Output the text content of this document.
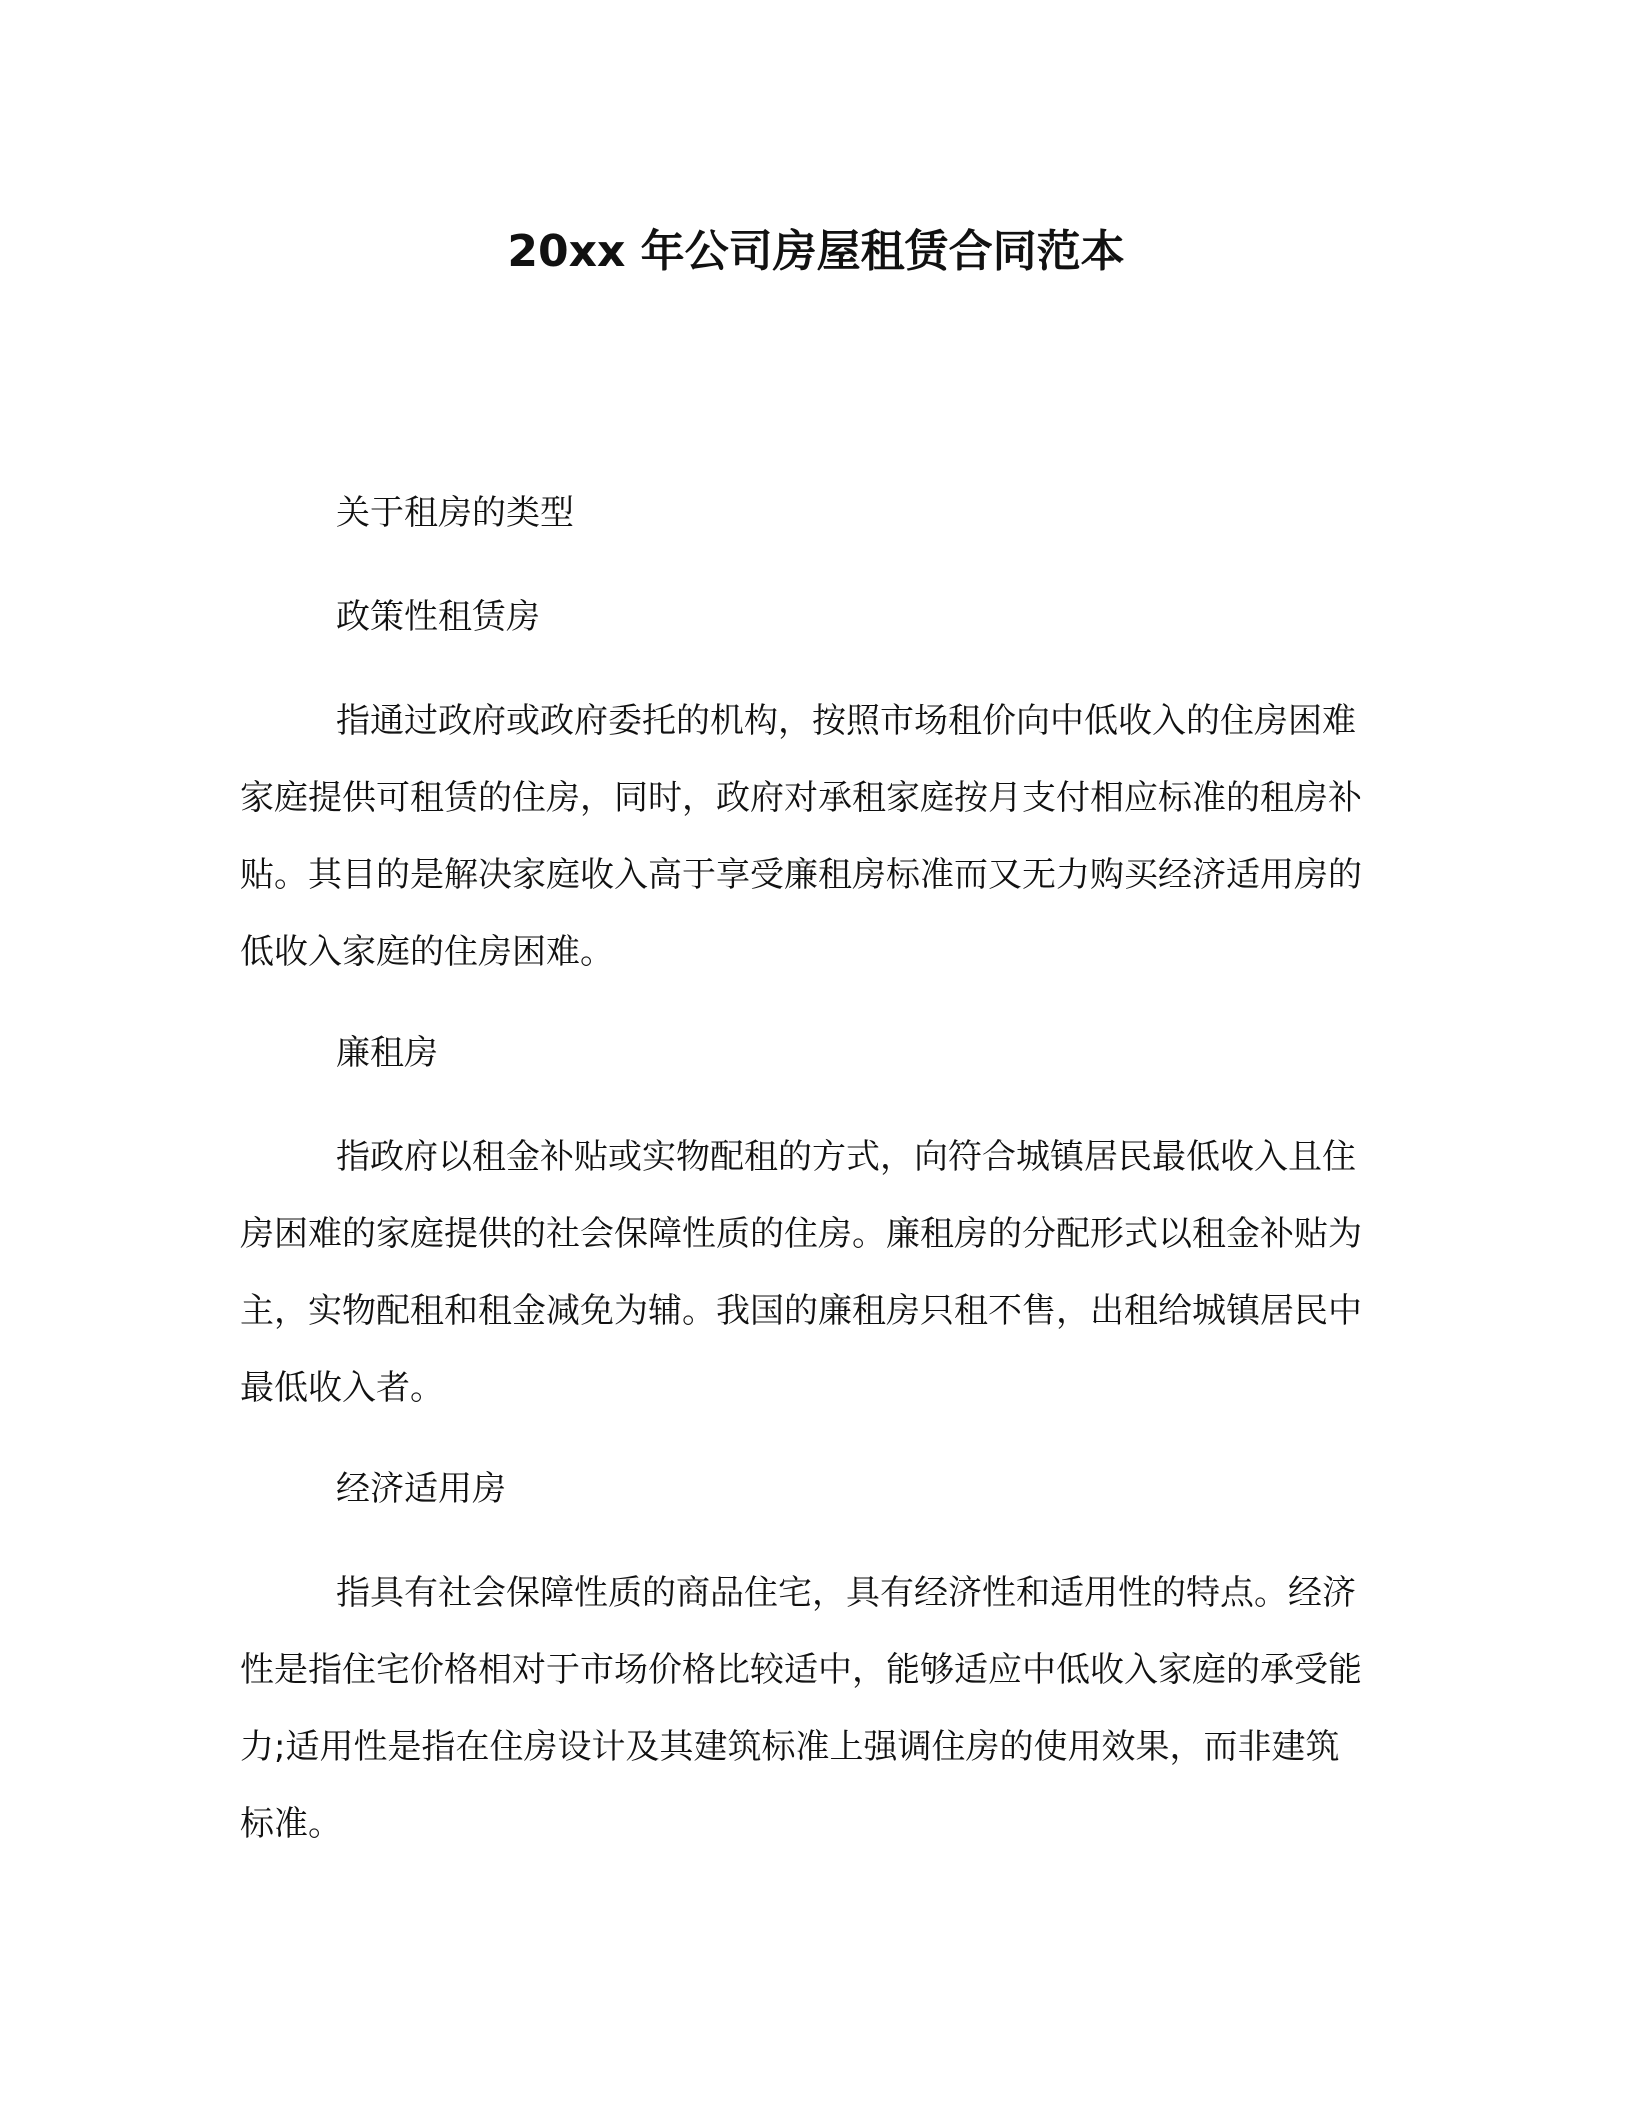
20xx 年公司房屋租赁合同范本
关于租房的类型
政策性租赁房

指通过政府或政府委托的机构，按照市场租价向中低收入的住房困难家庭提供可租赁的住房，同时，政府对承租家庭按月支付相应标准的租房补贴。其目的是解决家庭收入高于享受廉租房标准而又无力购买经济适用房的低收入家庭的住房困难。

廉租房

指政府以租金补贴或实物配租的方式，向符合城镇居民最低收入且住房困难的家庭提供的社会保障性质的住房。廉租房的分配形式以租金补贴为主，实物配租和租金减免为辅。我国的廉租房只租不售，出租给城镇居民中最低收入者。

经济适用房

指具有社会保障性质的商品住宅，具有经济性和适用性的特点。经济性是指住宅价格相对于市场价格比较适中，能够适应中低收入家庭的承受能力;适用性是指在住房设计及其建筑标准上强调住房的使用效果，而非建筑标准。
